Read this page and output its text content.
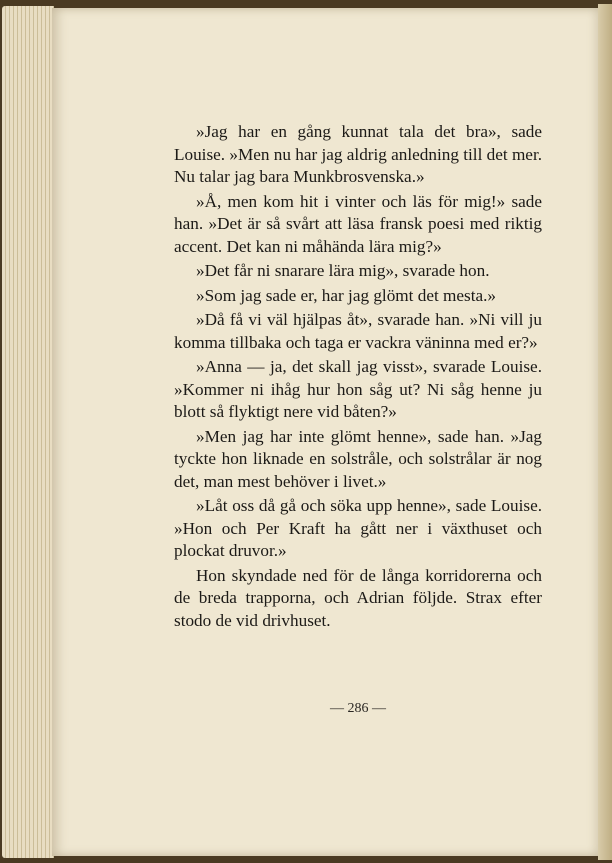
»Jag har en gång kunnat tala det bra», sade Louise. »Men nu har jag aldrig anledning till det mer. Nu talar jag bara Munkbrosvenska.»

»Å, men kom hit i vinter och läs för mig!» sade han. »Det är så svårt att läsa fransk poesi med riktig accent. Det kan ni måhända lära mig?»

»Det får ni snarare lära mig», svarade hon.

»Som jag sade er, har jag glömt det mesta.»

»Då få vi väl hjälpas åt», svarade han. »Ni vill ju komma tillbaka och taga er vackra väninna med er?»

»Anna — ja, det skall jag visst», svarade Louise. »Kommer ni ihåg hur hon såg ut? Ni såg henne ju blott så flyktigt nere vid båten?»

»Men jag har inte glömt henne», sade han. »Jag tyckte hon liknade en solstråle, och solstrålar är nog det, man mest behöver i livet.»

»Låt oss då gå och söka upp henne», sade Louise. »Hon och Per Kraft ha gått ner i växthuset och plockat druvor.»

Hon skyndade ned för de långa korridorerna och de breda trapporna, och Adrian följde. Strax efter stodo de vid drivhuset.

— 286 —
